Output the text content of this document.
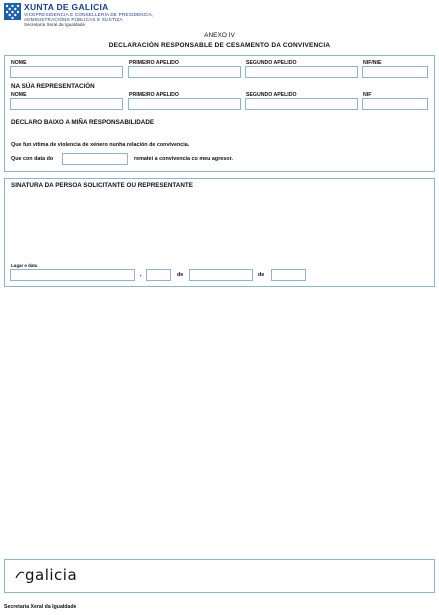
XUNTA DE GALICIA
VICEPRESIDENCIA E CONSELLERÍA DE PRESIDENCIA,
ADMINISTRACIÓNS PÚBLICAS E XUSTIZA
Secretaría Xeral da Igualdade
ANEXO IV
DECLARACIÓN RESPONSABLE DE CESAMENTO DA CONVIVENCIA
NOME	PRIMEIRO APELIDO	SEGUNDO APELIDO	NIF/NIE
NA SÚA REPRESENTACIÓN
NOME	PRIMEIRO APELIDO	SEGUNDO APELIDO	NIF
DECLARO BAIXO A MIÑA RESPONSABILIDADE
Que fun vítima de violencia de xénero nunha relación de convivencia.
Que con data do	rematei a convivencia co meu agresor.
SINATURA DA PERSOA SOLICITANTE OU REPRESENTANTE
Lugar e data
,	de	de
galicia
Secretaría Xeral da Igualdade
